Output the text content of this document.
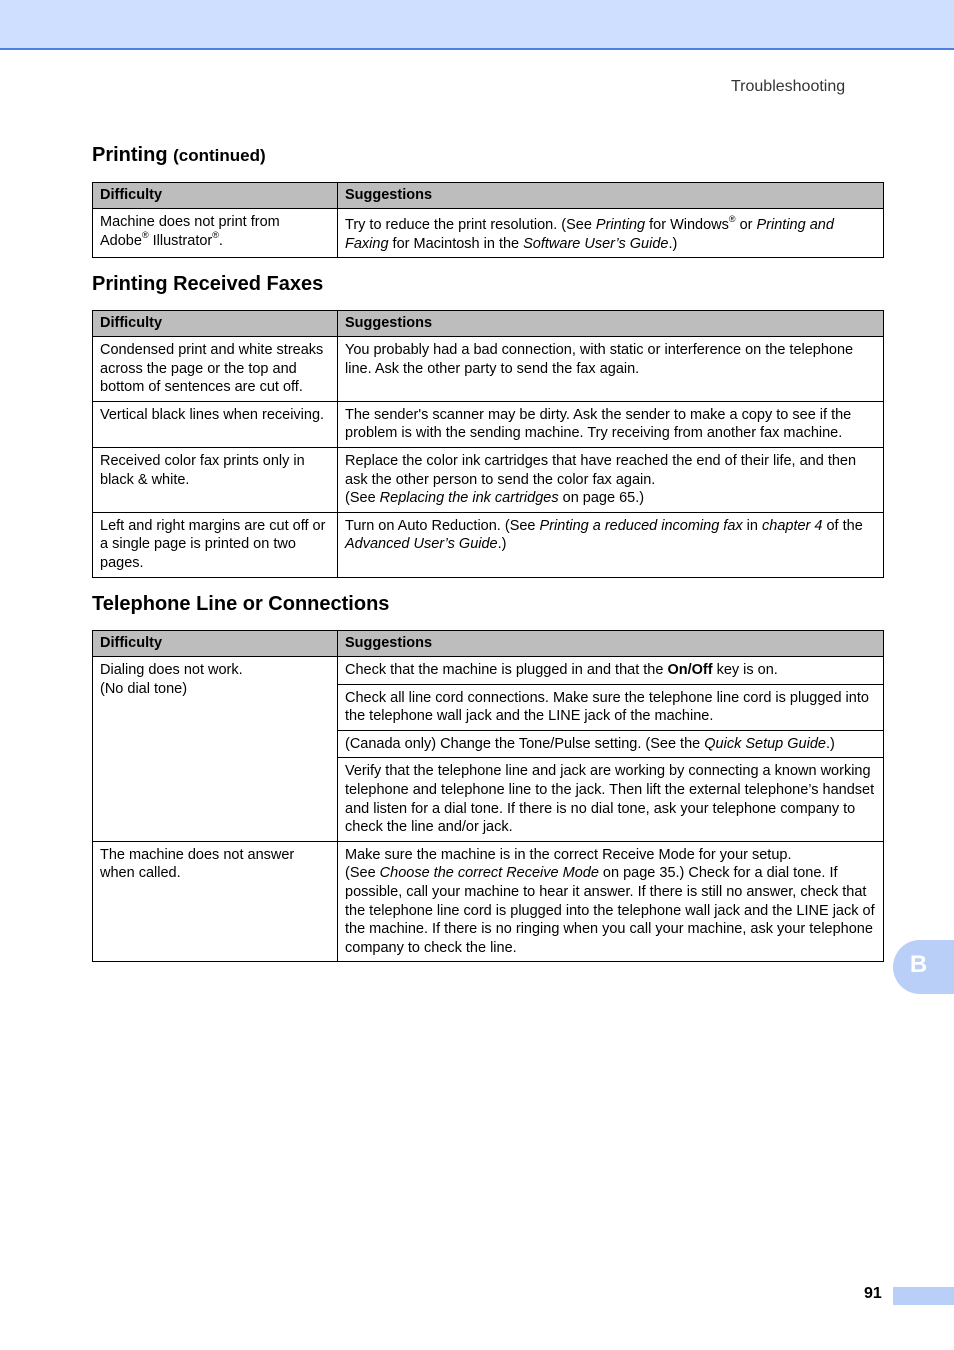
Troubleshooting
Printing (continued)
Difficulty	Suggestions
Machine does not print from Adobe® Illustrator®.	Try to reduce the print resolution. (See Printing for Windows® or Printing and Faxing for Macintosh in the Software User’s Guide.)
Printing Received Faxes
Difficulty	Suggestions
Condensed print and white streaks across the page or the top and bottom of sentences are cut off.	You probably had a bad connection, with static or interference on the telephone line. Ask the other party to send the fax again.
Vertical black lines when receiving.	The sender's scanner may be dirty. Ask the sender to make a copy to see if the problem is with the sending machine. Try receiving from another fax machine.
Received color fax prints only in black & white.	Replace the color ink cartridges that have reached the end of their life, and then ask the other person to send the color fax again.
(See Replacing the ink cartridges on page 65.)
Left and right margins are cut off or a single page is printed on two pages.	Turn on Auto Reduction. (See Printing a reduced incoming fax in chapter 4 of the Advanced User’s Guide.)
Telephone Line or Connections
Difficulty	Suggestions
Dialing does not work.
(No dial tone)	Check that the machine is plugged in and that the On/Off key is on.
	Check all line cord connections. Make sure the telephone line cord is plugged into the telephone wall jack and the LINE jack of the machine.
	(Canada only) Change the Tone/Pulse setting. (See the Quick Setup Guide.)
	Verify that the telephone line and jack are working by connecting a known working telephone and telephone line to the jack. Then lift the external telephone’s handset and listen for a dial tone. If there is no dial tone, ask your telephone company to check the line and/or jack.
The machine does not answer when called.	Make sure the machine is in the correct Receive Mode for your setup.
(See Choose the correct Receive Mode on page 35.) Check for a dial tone. If possible, call your machine to hear it answer. If there is still no answer, check that the telephone line cord is plugged into the telephone wall jack and the LINE jack of the machine. If there is no ringing when you call your machine, ask your telephone company to check the line.
B
91
